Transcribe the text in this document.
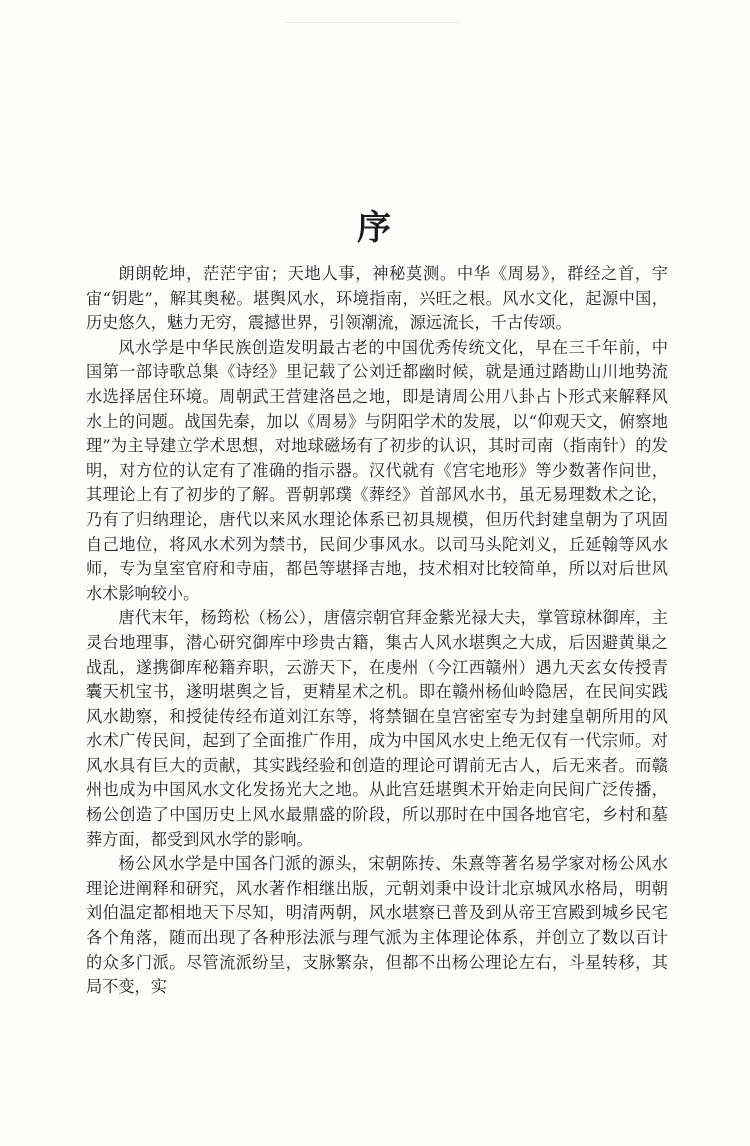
序

朗朗乾坤，茫茫宇宙；天地人事，神秘莫测。中华《周易》，群经之首，宇宙“钥匙”，解其奥秘。堪舆风水，环境指南，兴旺之根。风水文化，起源中国，历史悠久，魅力无穷，震撼世界，引领潮流，源远流长，千古传颂。

风水学是中华民族创造发明最古老的中国优秀传统文化，早在三千年前，中国第一部诗歌总集《诗经》里记载了公刘迁都幽时候，就是通过踏勘山川地势流水选择居住环境。周朝武王营建洛邑之地，即是请周公用八卦占卜形式来解释风水上的问题。战国先秦，加以《周易》与阴阳学术的发展，以“仰观天文，俯察地理”为主导建立学术思想，对地球磁场有了初步的认识，其时司南（指南针）的发明，对方位的认定有了准确的指示器。汉代就有《宫宅地形》等少数著作问世，其理论上有了初步的了解。晋朝郭璞《葬经》首部风水书，虽无易理数术之论，乃有了归纳理论，唐代以来风水理论体系已初具规模，但历代封建皇朝为了巩固自己地位，将风水术列为禁书，民间少事风水。以司马头陀刘义，丘延翰等风水师，专为皇室官府和寺庙，都邑等堪择吉地，技术相对比较简单，所以对后世风水术影响较小。

唐代末年，杨筠松（杨公），唐僖宗朝官拜金紫光禄大夫，掌管琼林御库，主灵台地理事，潜心研究御库中珍贵古籍，集古人风水堪舆之大成，后因避黄巢之战乱，遂携御库秘籍弃职，云游天下，在虔州（今江西赣州）遇九天玄女传授青囊天机宝书，遂明堪舆之旨，更精星术之机。即在赣州杨仙岭隐居，在民间实践风水勘察，和授徒传经布道刘江东等，将禁锢在皇宫密室专为封建皇朝所用的风水术广传民间，起到了全面推广作用，成为中国风水史上绝无仅有一代宗师。对风水具有巨大的贡献，其实践经验和创造的理论可谓前无古人，后无来者。而赣州也成为中国风水文化发扬光大之地。从此宫廷堪舆术开始走向民间广泛传播，杨公创造了中国历史上风水最鼎盛的阶段，所以那时在中国各地官宅，乡村和墓葬方面，都受到风水学的影响。

杨公风水学是中国各门派的源头，宋朝陈抟、朱熹等著名易学家对杨公风水理论进阐释和研究，风水著作相继出版，元朝刘秉中设计北京城风水格局，明朝刘伯温定都相地天下尽知，明清两朝，风水堪察已普及到从帝王宫殿到城乡民宅各个角落，随而出现了各种形法派与理气派为主体理论体系，并创立了数以百计的众多门派。尽管流派纷呈，支脉繁杂，但都不出杨公理论左右，斗星转移，其局不变，实
